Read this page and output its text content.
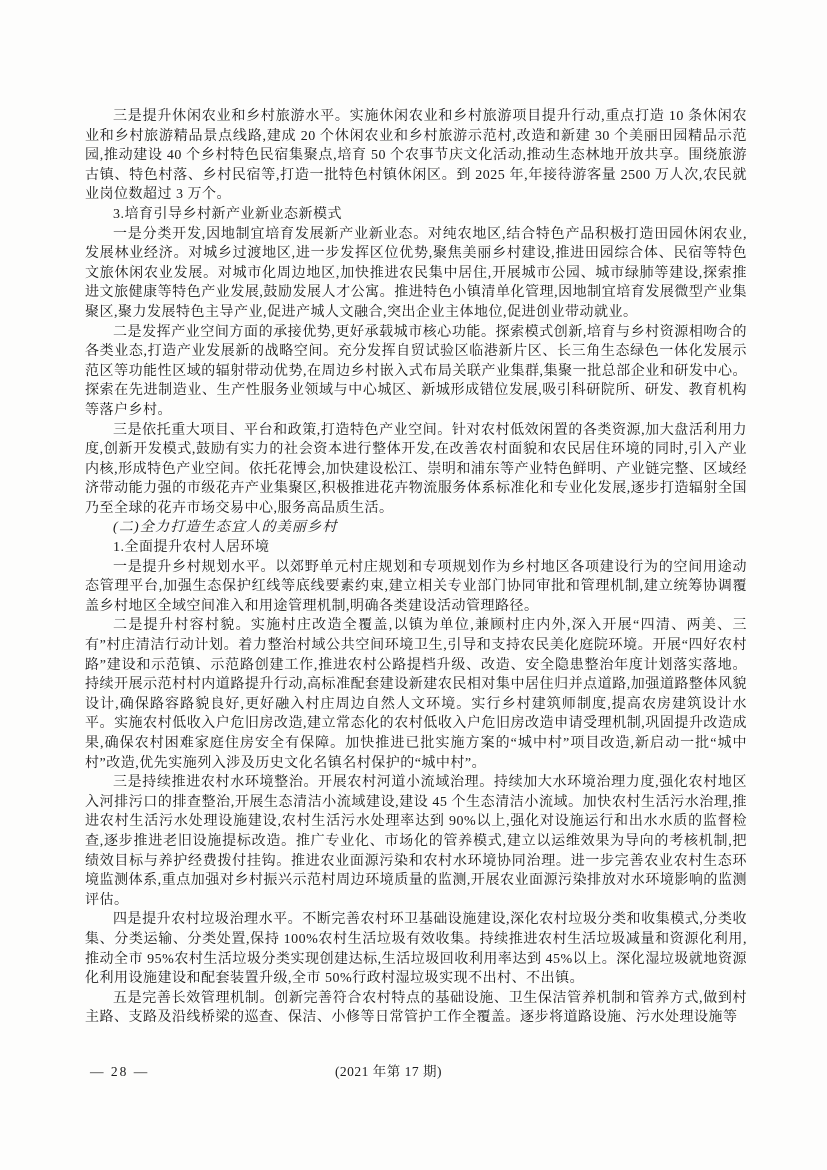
三是提升休闲农业和乡村旅游水平。实施休闲农业和乡村旅游项目提升行动,重点打造 10 条休闲农业和乡村旅游精品景点线路,建成 20 个休闲农业和乡村旅游示范村,改造和新建 30 个美丽田园精品示范园,推动建设 40 个乡村特色民宿集聚点,培育 50 个农事节庆文化活动,推动生态林地开放共享。围绕旅游古镇、特色村落、乡村民宿等,打造一批特色村镇休闲区。到 2025 年,年接待游客量 2500 万人次,农民就业岗位数超过 3 万个。

3.培育引导乡村新产业新业态新模式

一是分类开发,因地制宜培育发展新产业新业态。对纯农地区,结合特色产品积极打造田园休闲农业,发展林业经济。对城乡过渡地区,进一步发挥区位优势,聚焦美丽乡村建设,推进田园综合体、民宿等特色文旅休闲农业发展。对城市化周边地区,加快推进农民集中居住,开展城市公园、城市绿肺等建设,探索推进文旅健康等特色产业发展,鼓励发展人才公寓。推进特色小镇清单化管理,因地制宜培育发展微型产业集聚区,聚力发展特色主导产业,促进产城人文融合,突出企业主体地位,促进创业带动就业。

二是发挥产业空间方面的承接优势,更好承载城市核心功能。探索模式创新,培育与乡村资源相吻合的各类业态,打造产业发展新的战略空间。充分发挥自贸试验区临港新片区、长三角生态绿色一体化发展示范区等功能性区域的辐射带动优势,在周边乡村嵌入式布局关联产业集群,集聚一批总部企业和研发中心。探索在先进制造业、生产性服务业领域与中心城区、新城形成错位发展,吸引科研院所、研发、教育机构等落户乡村。

三是依托重大项目、平台和政策,打造特色产业空间。针对农村低效闲置的各类资源,加大盘活利用力度,创新开发模式,鼓励有实力的社会资本进行整体开发,在改善农村面貌和农民居住环境的同时,引入产业内核,形成特色产业空间。依托花博会,加快建设松江、崇明和浦东等产业特色鲜明、产业链完整、区域经济带动能力强的市级花卉产业集聚区,积极推进花卉物流服务体系标准化和专业化发展,逐步打造辐射全国乃至全球的花卉市场交易中心,服务高品质生活。

(二)全力打造生态宜人的美丽乡村

1.全面提升农村人居环境

一是提升乡村规划水平。以郊野单元村庄规划和专项规划作为乡村地区各项建设行为的空间用途动态管理平台,加强生态保护红线等底线要素约束,建立相关专业部门协同审批和管理机制,建立统筹协调覆盖乡村地区全域空间准入和用途管理机制,明确各类建设活动管理路径。

二是提升村容村貌。实施村庄改造全覆盖,以镇为单位,兼顾村庄内外,深入开展“四清、两美、三有”村庄清洁行动计划。着力整治村域公共空间环境卫生,引导和支持农民美化庭院环境。开展“四好农村路”建设和示范镇、示范路创建工作,推进农村公路提档升级、改造、安全隐患整治年度计划落实落地。持续开展示范村村内道路提升行动,高标准配套建设新建农民相对集中居住归并点道路,加强道路整体风貌设计,确保路容路貌良好,更好融入村庄周边自然人文环境。实行乡村建筑师制度,提高农房建筑设计水平。实施农村低收入户危旧房改造,建立常态化的农村低收入户危旧房改造申请受理机制,巩固提升改造成果,确保农村困难家庭住房安全有保障。加快推进已批实施方案的“城中村”项目改造,新启动一批“城中村”改造,优先实施列入涉及历史文化名镇名村保护的“城中村”。

三是持续推进农村水环境整治。开展农村河道小流域治理。持续加大水环境治理力度,强化农村地区入河排污口的排查整治,开展生态清洁小流域建设,建设 45 个生态清洁小流域。加快农村生活污水治理,推进农村生活污水处理设施建设,农村生活污水处理率达到 90%以上,强化对设施运行和出水水质的监督检查,逐步推进老旧设施提标改造。推广专业化、市场化的管养模式,建立以运维效果为导向的考核机制,把绩效目标与养护经费拨付挂钩。推进农业面源污染和农村水环境协同治理。进一步完善农业农村生态环境监测体系,重点加强对乡村振兴示范村周边环境质量的监测,开展农业面源污染排放对水环境影响的监测评估。

四是提升农村垃圾治理水平。不断完善农村环卫基础设施建设,深化农村垃圾分类和收集模式,分类收集、分类运输、分类处置,保持 100%农村生活垃圾有效收集。持续推进农村生活垃圾减量和资源化利用,推动全市 95%农村生活垃圾分类实现创建达标,生活垃圾回收利用率达到 45%以上。深化湿垃圾就地资源化利用设施建设和配套装置升级,全市 50%行政村湿垃圾实现不出村、不出镇。

五是完善长效管理机制。创新完善符合农村特点的基础设施、卫生保洁管养机制和管养方式,做到村主路、支路及沿线桥梁的巡查、保洁、小修等日常管护工作全覆盖。逐步将道路设施、污水处理设施等

— 28 —	(2021 年第 17 期)
